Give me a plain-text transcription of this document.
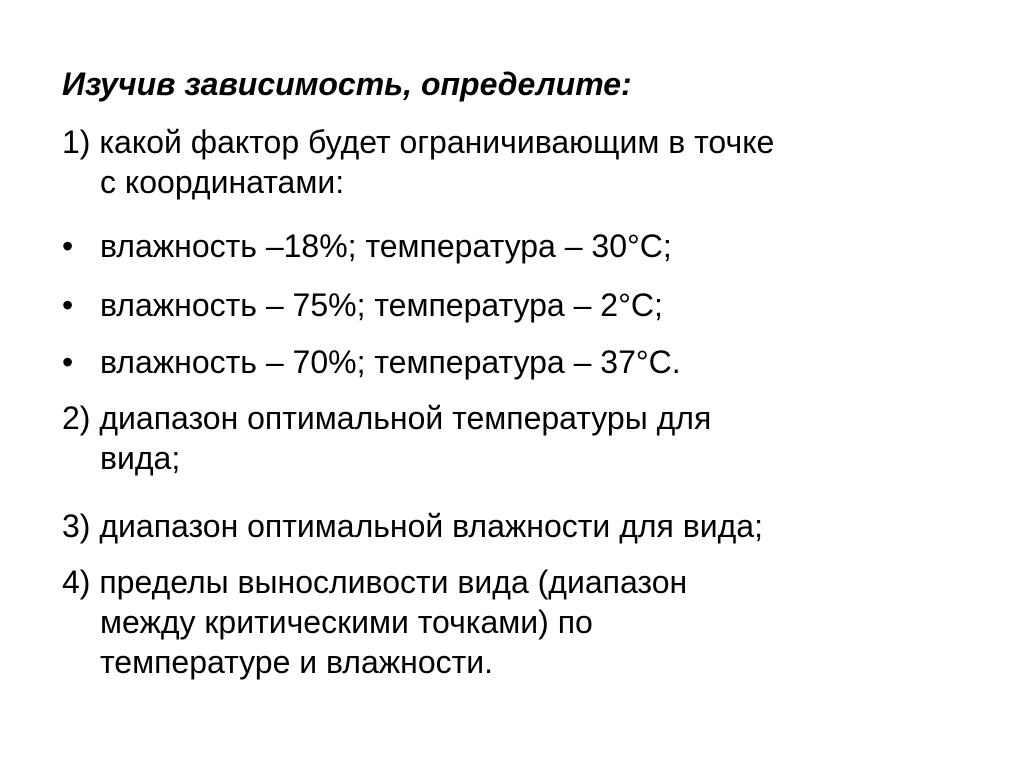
Изучив зависимость, определите:
1) какой фактор будет ограничивающим в точке
с координатами:
• влажность –18%; температура – 30°С;
• влажность – 75%; температура – 2°С;
• влажность – 70%; температура – 37°С.
2) диапазон оптимальной температуры для
вида;
3) диапазон оптимальной влажности для вида;
4) пределы выносливости вида (диапазон
между критическими точками) по
температуре и влажности.
